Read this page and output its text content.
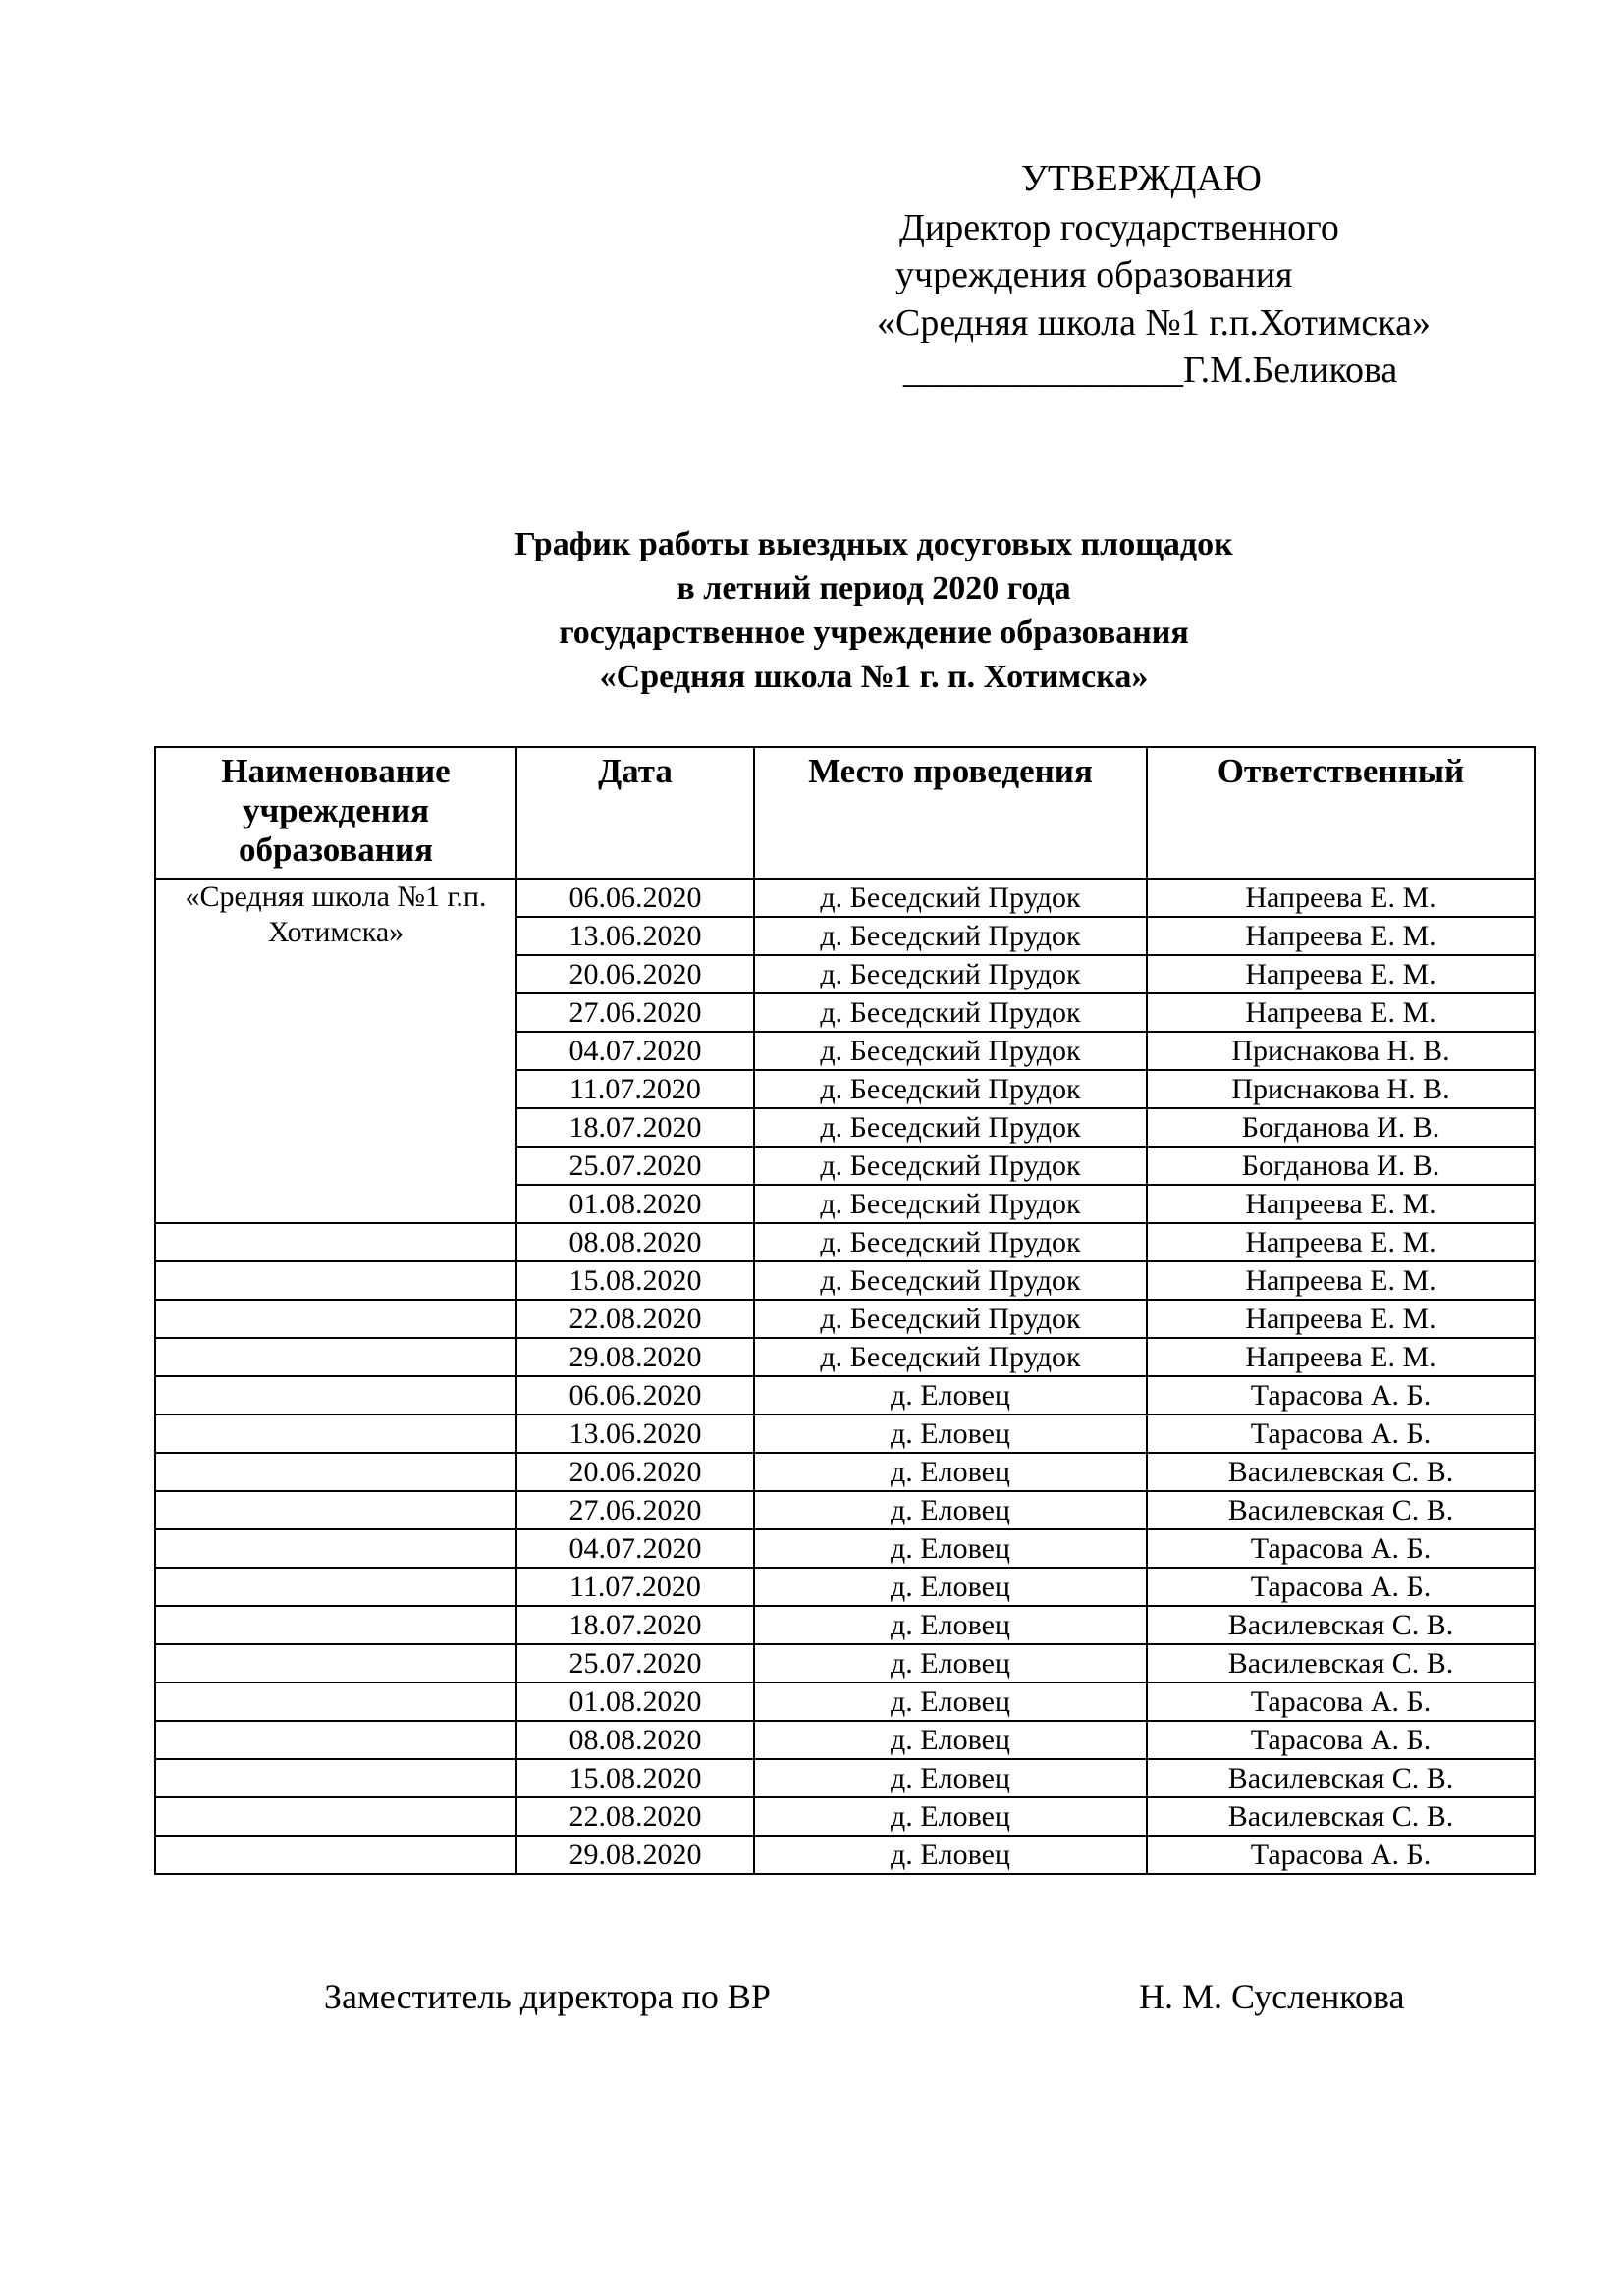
УТВЕРЖДАЮ
Директор государственного
учреждения образования
«Средняя школа №1 г.п.Хотимска»
_______________Г.М.Беликова
График работы выездных досуговых площадок
в летний период 2020 года
государственное учреждение образования
«Средняя школа №1 г. п. Хотимска»
Наименование учреждения образования	Дата	Место проведения	Ответственный
«Средняя школа №1 г.п. Хотимска»	06.06.2020	д. Беседский Прудок	Напреева Е. М.
	13.06.2020	д. Беседский Прудок	Напреева Е. М.
	20.06.2020	д. Беседский Прудок	Напреева Е. М.
	27.06.2020	д. Беседский Прудок	Напреева Е. М.
	04.07.2020	д. Беседский Прудок	Приснакова Н. В.
	11.07.2020	д. Беседский Прудок	Приснакова Н. В.
	18.07.2020	д. Беседский Прудок	Богданова И. В.
	25.07.2020	д. Беседский Прудок	Богданова И. В.
	01.08.2020	д. Беседский Прудок	Напреева Е. М.
	08.08.2020	д. Беседский Прудок	Напреева Е. М.
	15.08.2020	д. Беседский Прудок	Напреева Е. М.
	22.08.2020	д. Беседский Прудок	Напреева Е. М.
	29.08.2020	д. Беседский Прудок	Напреева Е. М.
	06.06.2020	д. Еловец	Тарасова А. Б.
	13.06.2020	д. Еловец	Тарасова А. Б.
	20.06.2020	д. Еловец	Василевская С. В.
	27.06.2020	д. Еловец	Василевская С. В.
	04.07.2020	д. Еловец	Тарасова А. Б.
	11.07.2020	д. Еловец	Тарасова А. Б.
	18.07.2020	д. Еловец	Василевская С. В.
	25.07.2020	д. Еловец	Василевская С. В.
	01.08.2020	д. Еловец	Тарасова А. Б.
	08.08.2020	д. Еловец	Тарасова А. Б.
	15.08.2020	д. Еловец	Василевская С. В.
	22.08.2020	д. Еловец	Василевская С. В.
	29.08.2020	д. Еловец	Тарасова А. Б.
Заместитель директора по ВР	Н. М. Сусленкова
